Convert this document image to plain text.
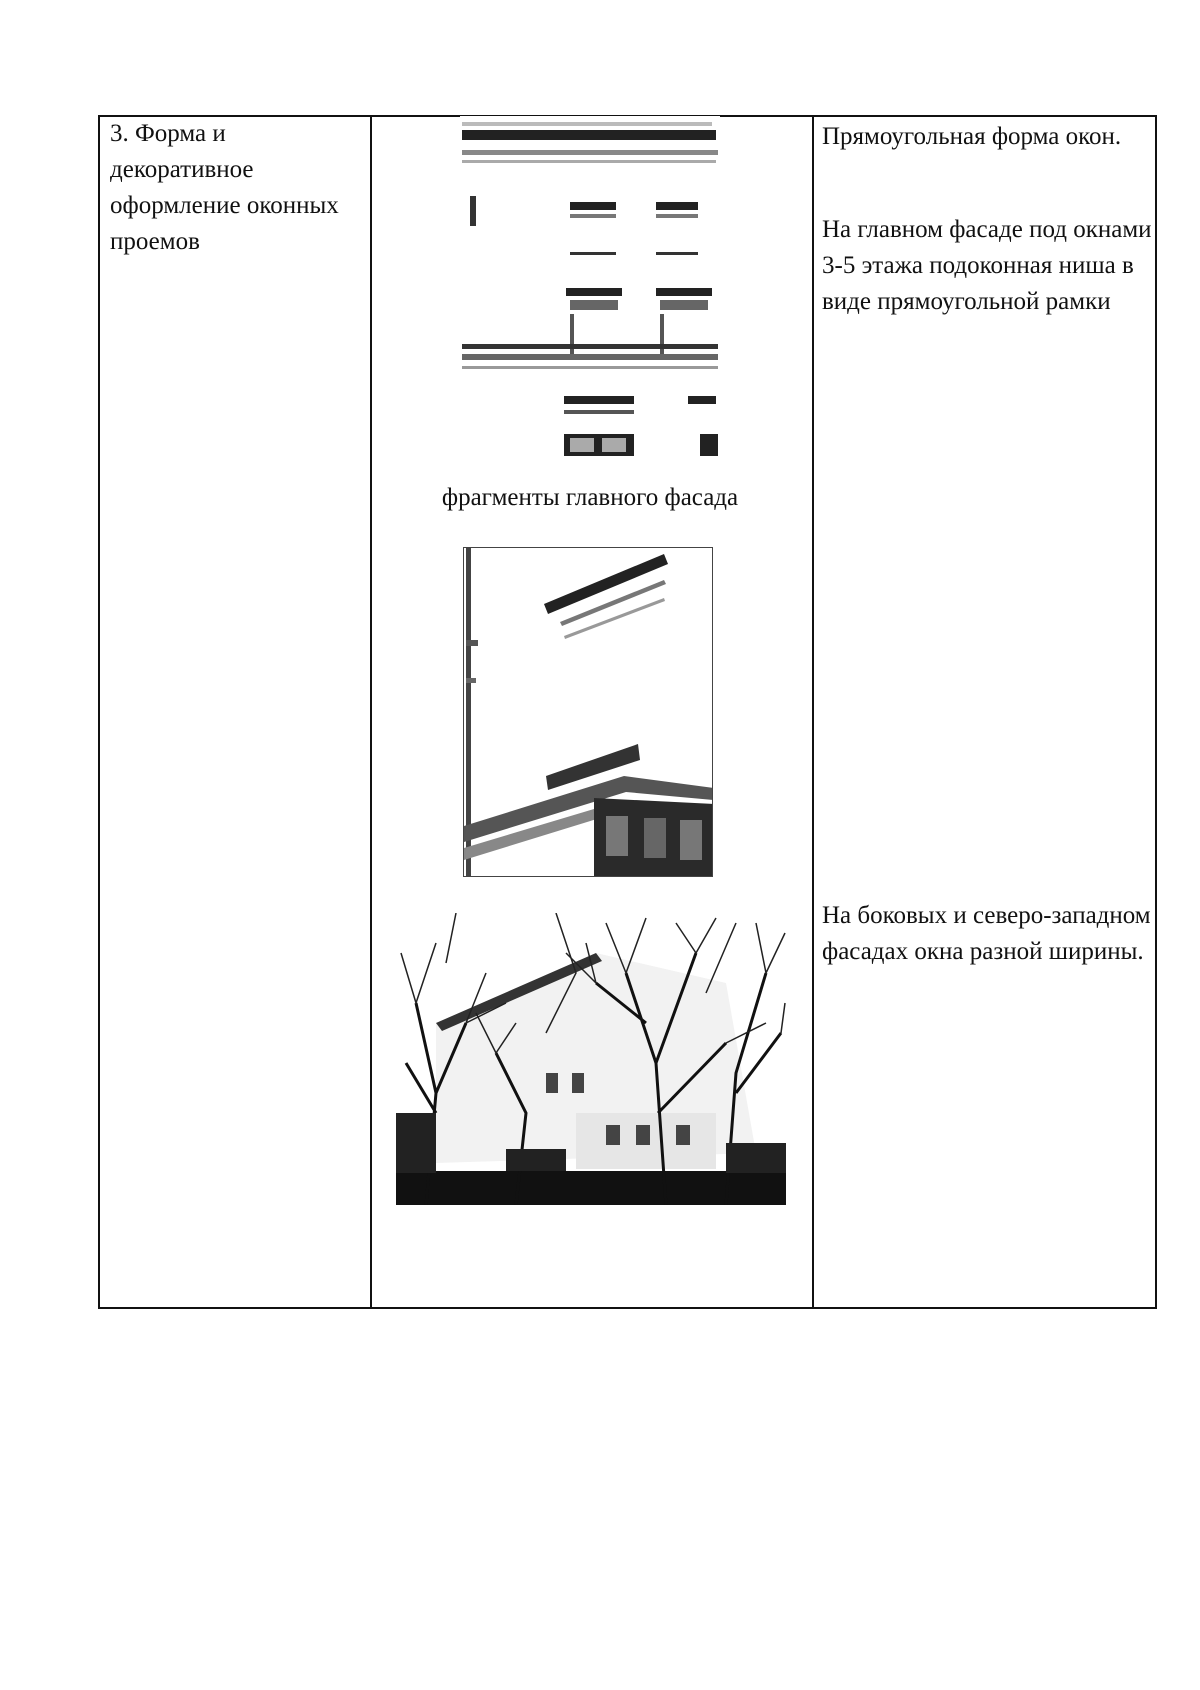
3. Форма и декоративное оформление оконных проемов
фрагменты главного фасада
Прямоугольная форма окон.
На главном фасаде под окнами 3-5 этажа подоконная ниша в виде прямоугольной рамки
На боковых и северо-западном фасадах окна разной ширины.
